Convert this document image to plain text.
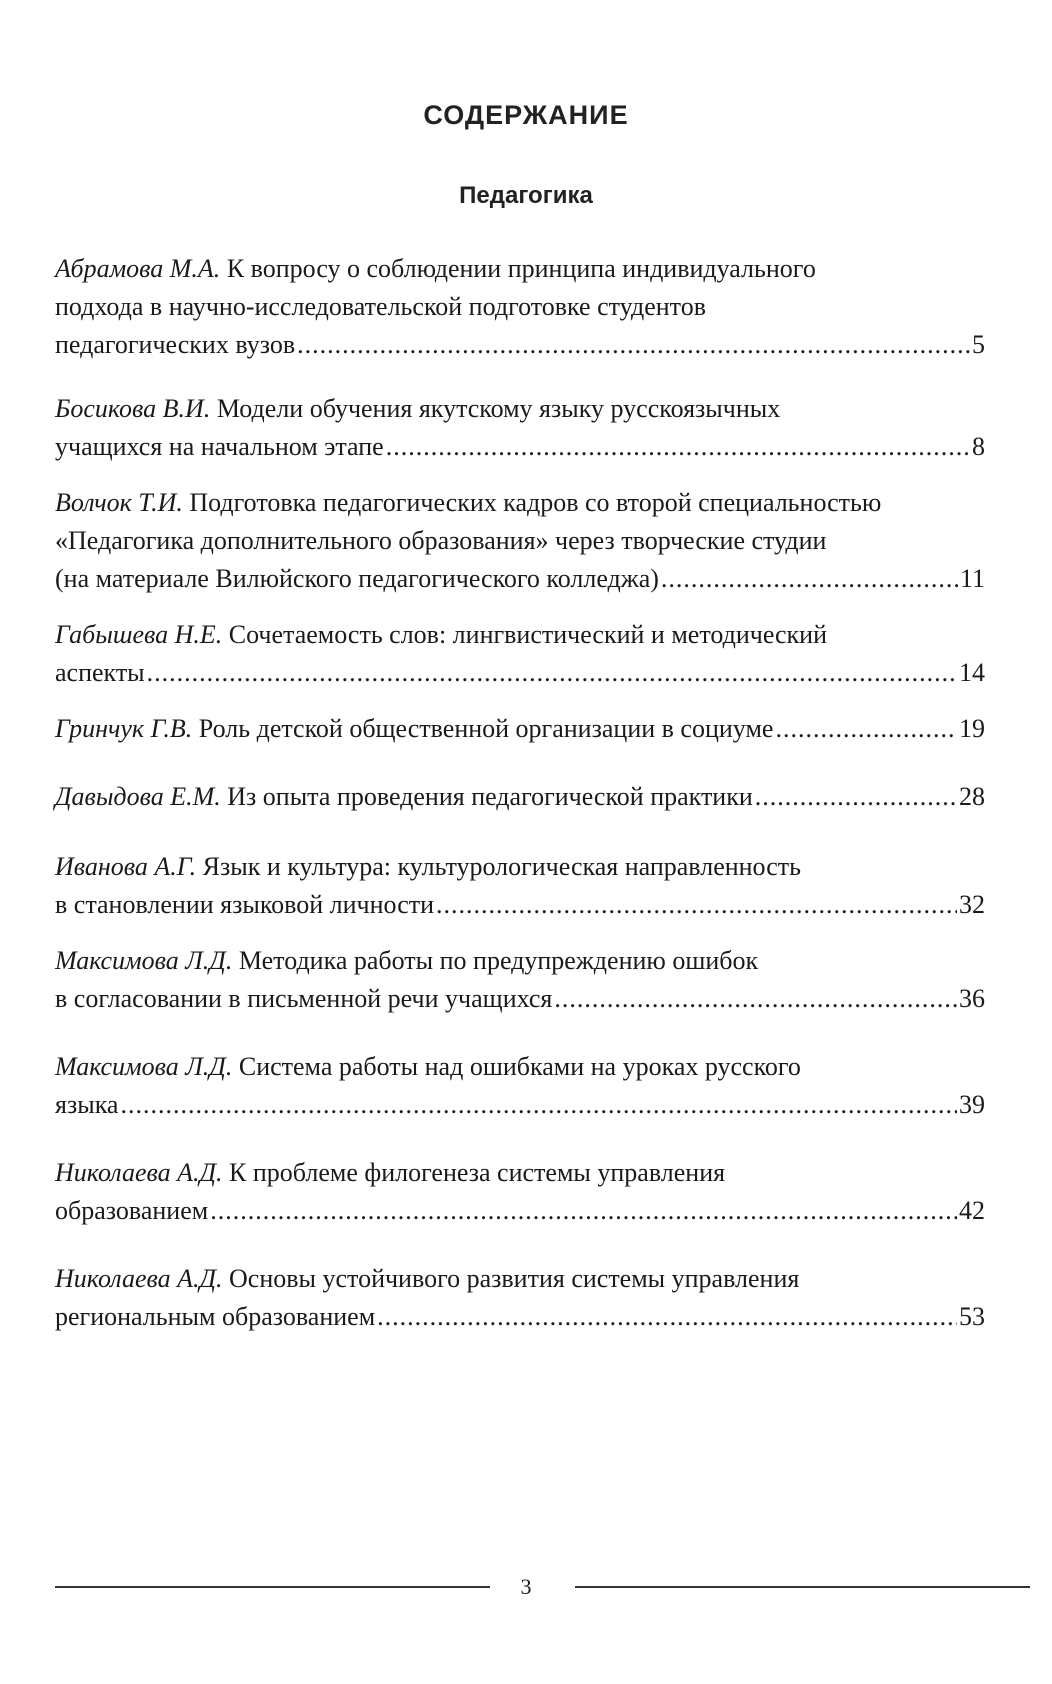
СОДЕРЖАНИЕ
Педагогика
Абрамова М.А. К вопросу о соблюдении принципа индивидуального
подхода в научно-исследовательской подготовке студентов
педагогических вузов .....	5
Босикова В.И. Модели обучения якутскому языку русскоязычных
учащихся на начальном этапе .....	8
Волчок Т.И. Подготовка педагогических кадров со второй специальностью
«Педагогика дополнительного образования» через творческие студии
(на материале Вилюйского педагогического колледжа) .....	11
Габышева Н.Е. Сочетаемость слов: лингвистический и методический
аспекты .....	14
Гринчук Г.В. Роль детской общественной организации в социуме .....	19
Давыдова Е.М. Из опыта проведения педагогической практики .....	28
Иванова А.Г. Язык и культура: культурологическая направленность
в становлении языковой личности .....	32
Максимова Л.Д. Методика работы по предупреждению ошибок
в согласовании в письменной речи учащихся .....	36
Максимова Л.Д. Система работы над ошибками на уроках русского
языка .....	39
Николаева А.Д. К проблеме филогенеза системы управления
образованием .....	42
Николаева А.Д. Основы устойчивого развития системы управления
региональным образованием .....	53
3
